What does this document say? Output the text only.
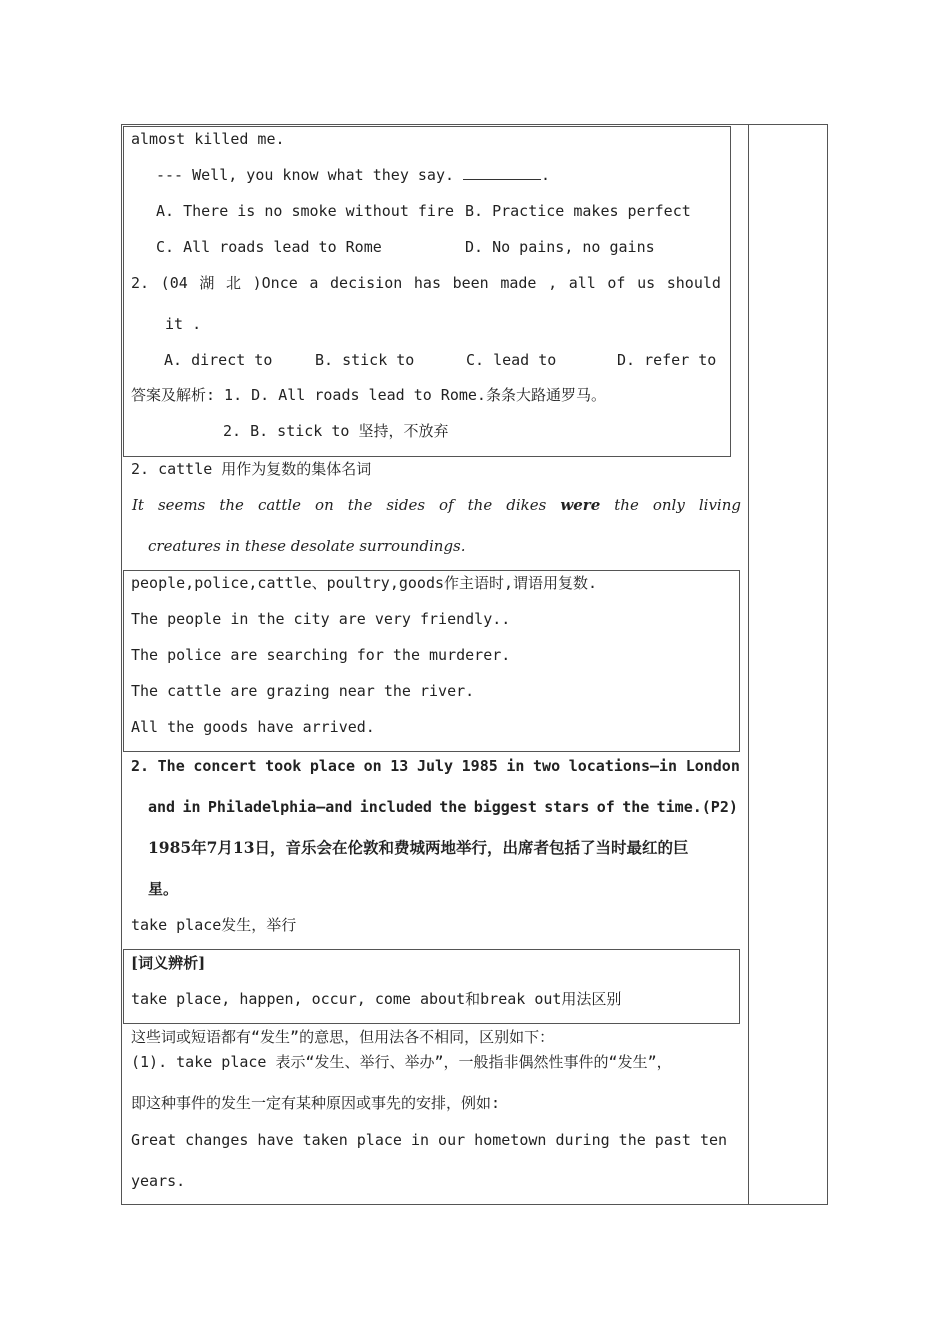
almost killed me.
--- Well, you know what they say.	.
A. There is no smoke without fire B. Practice makes perfect
C. All roads lead to Rome	D. No pains, no gains
2. (04 湖 北 )Once a decision has been made , all of us should
it .
A. direct to	B. stick to	C. lead to	D. refer to
答案及解析: 1. D. All roads lead to Rome.条条大路通罗马。
2. B. stick to 坚持，不放弃
2. cattle 用作为复数的集体名词
It seems the cattle on the sides of the dikes were the only living
creatures in these desolate surroundings.
people,police,cattle、poultry,goods作主语时,谓语用复数.
The people in the city are very friendly..
The police are searching for the murderer.
The cattle are grazing near the river.
All the goods have arrived.
2. The concert took place on 13 July 1985 in two locations—in London
and in Philadelphia—and included the biggest stars of the time.(P2)
1985年7月13日，音乐会在伦敦和费城两地举行，出席者包括了当时最红的巨
星。
take place发生，举行
[词义辨析]
take place, happen, occur, come about和break out用法区别
这些词或短语都有“发生”的意思，但用法各不相同，区别如下：
(1). take place 表示“发生、举行、举办”，一般指非偶然性事件的“发生”，
即这种事件的发生一定有某种原因或事先的安排，例如:
Great changes have taken place in our hometown during the past ten
years.
